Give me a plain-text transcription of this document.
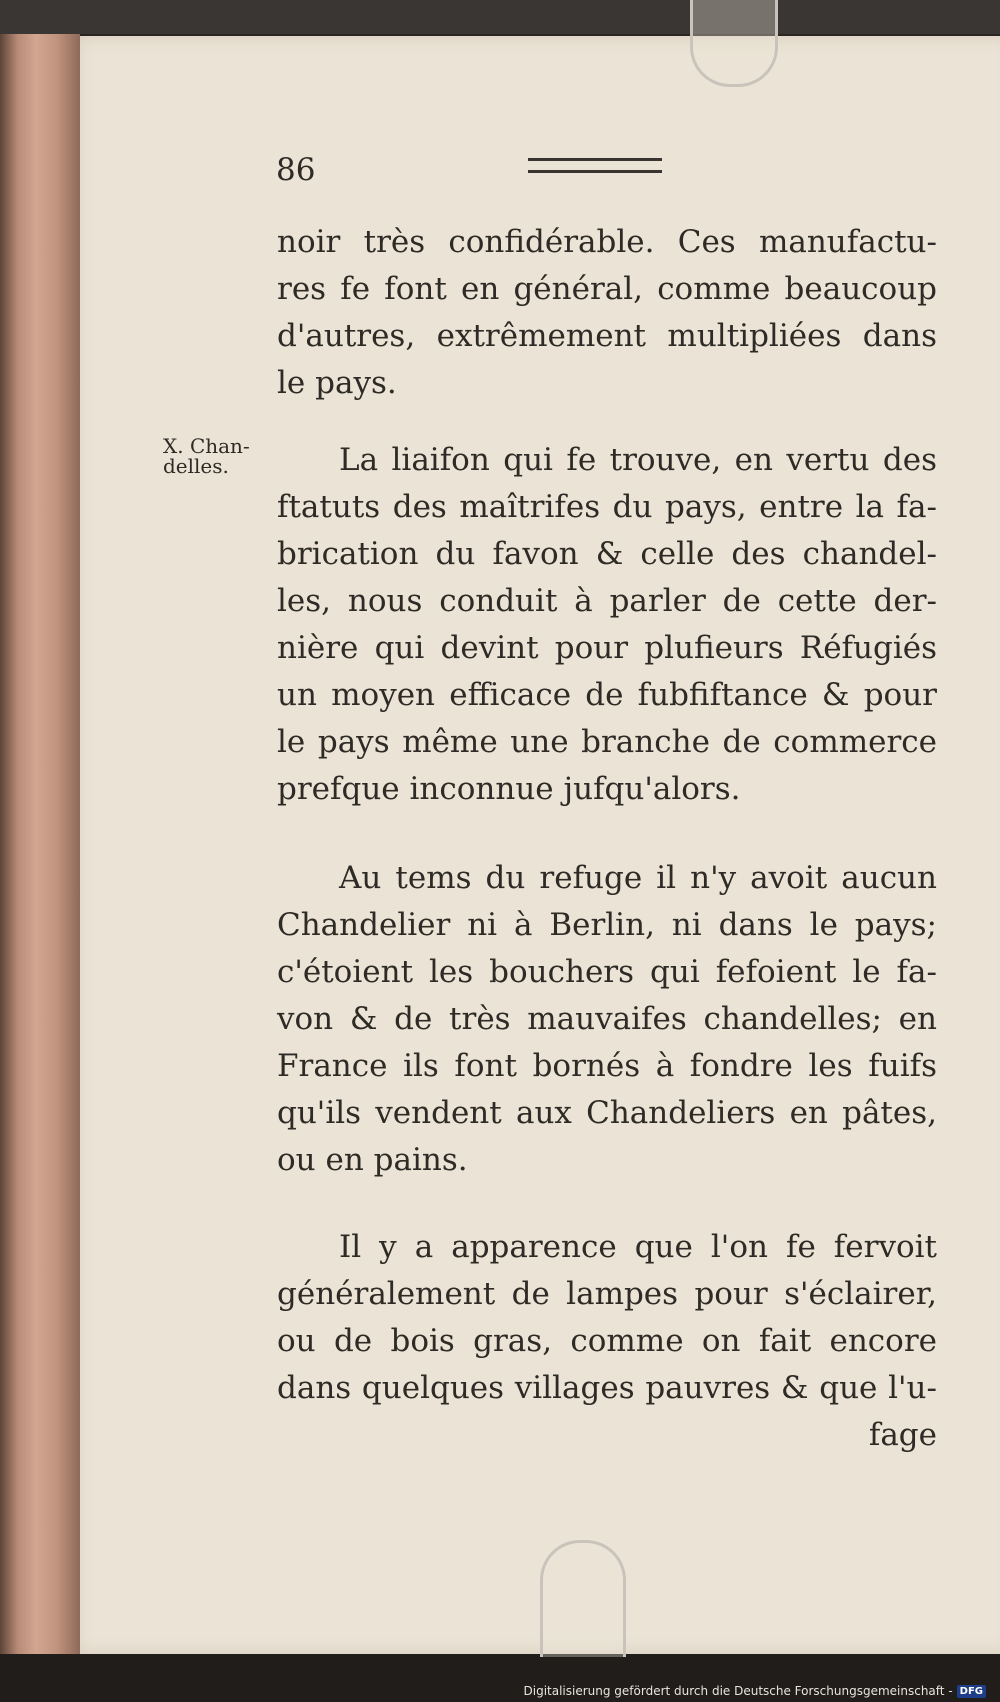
86
X. Chan-
delles.
noir très confidérable. Ces manufactu-
res fe font en général, comme beaucoup
d'autres, extrêmement multipliées dans
le pays.
La liaifon qui fe trouve, en vertu des
ftatuts des maîtrifes du pays, entre la fa-
brication du favon & celle des chandel-
les, nous conduit à parler de cette der-
nière qui devint pour plufieurs Réfugiés
un moyen efficace de fubfiftance & pour
le pays même une branche de commerce
prefque inconnue jufqu'alors.
Au tems du refuge il n'y avoit aucun
Chandelier ni à Berlin, ni dans le pays;
c'étoient les bouchers qui fefoient le fa-
von & de très mauvaifes chandelles; en
France ils font bornés à fondre les fuifs
qu'ils vendent aux Chandeliers en pâtes,
ou en pains.
Il y a apparence que l'on fe fervoit
généralement de lampes pour s'éclairer,
ou de bois gras, comme on fait encore
dans quelques villages pauvres & que l'u-
fage
Digitalisierung gefördert durch die Deutsche Forschungsgemeinschaft - DFG
